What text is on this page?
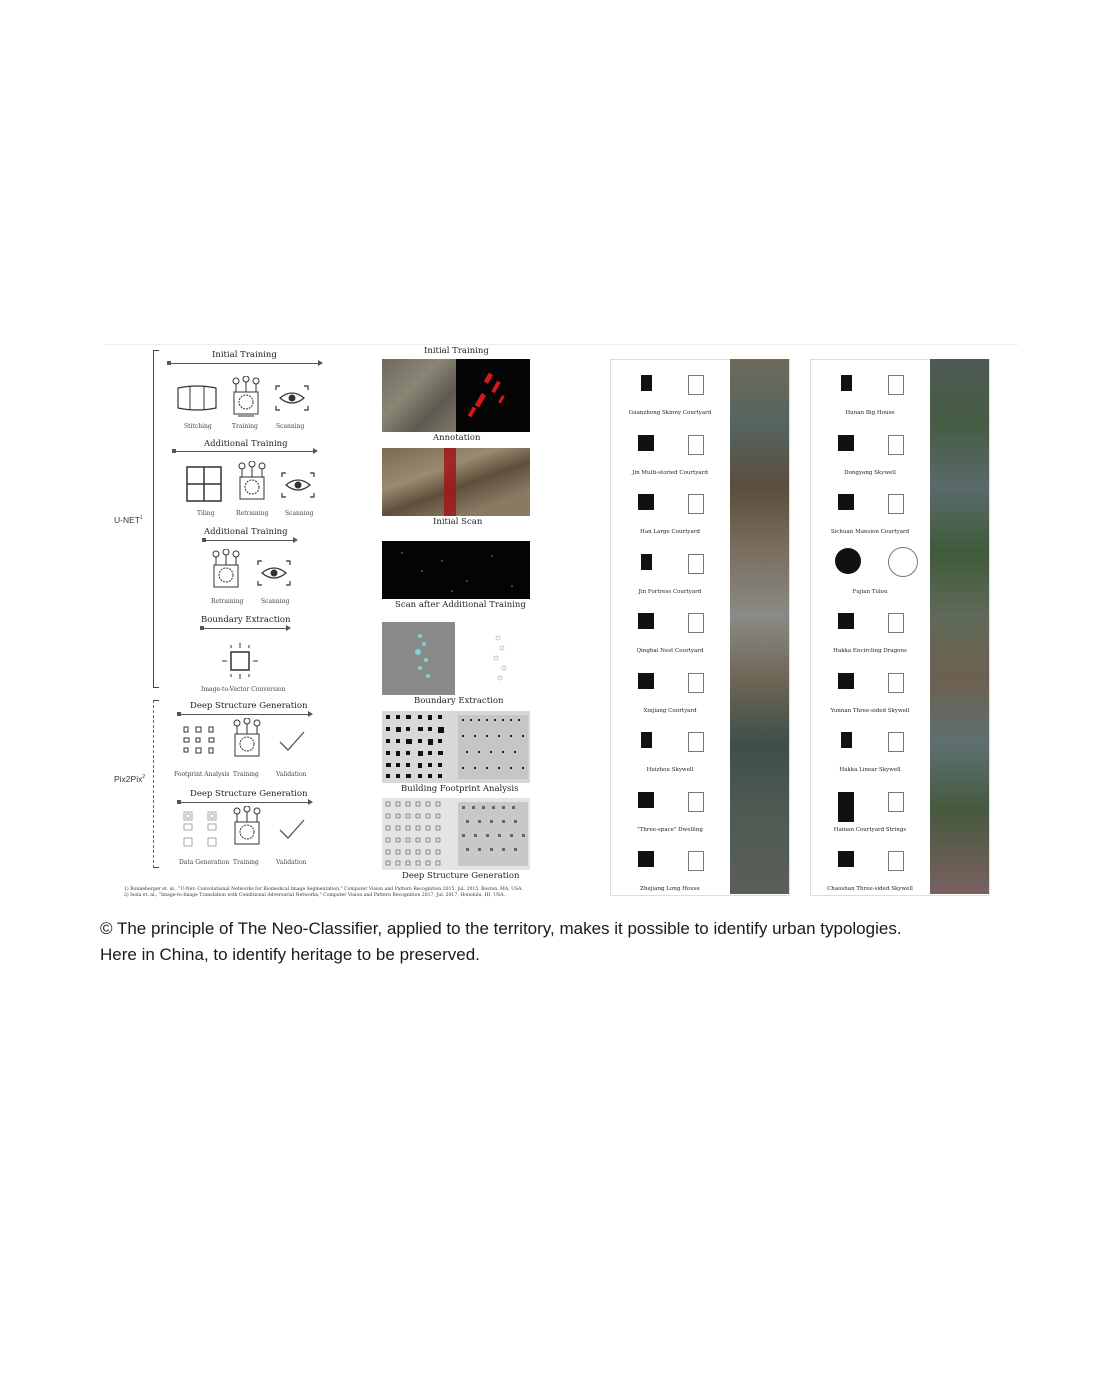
U-NET$^1$
Pix2Pix$^2$
Initial Training
Stitching	Training	Scanning
Additional Training
Tiling	Retraining	Scanning
Additional Training
Retraining	Scanning
Boundary Extraction
Image-to-Vector Conversion
Deep Structure Generation
Footprint Analysis Training	Validation
Deep Structure Generation
Data Generation Training	Validation
Initial Training
Annotation
Initial Scan
Scan after Additional Training
Boundary Extraction
Building Footprint Analysis
Deep Structure Generation
1) Ronneberger et. al., "U-Net: Convolutional Networks for Biomedical Image Segmentation," Computer Vision and Pattern Recognition 2015, Jul. 2015, Boston, MA, USA.
2) Isola et. al., "Image-to-Image Translation with Conditional Adversarial Networks," Computer Vision and Pattern Recognition 2017, Jul. 2017, Honolulu, HI, USA.
Guanzhong Skinny Courtyard
Jin Multi-storied Courtyard
Han Large Courtyard
Jin Fortress Courtyard
Qinghai Nest Courtyard
Xinjiang Courtyard
Huizhou Skywell
"Three-space" Dwelling
Zhejiang Long House
Hunan Big House
Dongyang Skywell
Sichuan Mansion Courtyard
Fujian Tulou
Hakka Encircling Dragons
Yunnan Three-sided Skywell
Hakka Linear Skywell
Hainan Courtyard Strings
Chaoshan Three-sided Skywell
© The principle of The Neo-Classifier, applied to the territory, makes it possible to identify urban typologies. Here in China, to identify heritage to be preserved.
